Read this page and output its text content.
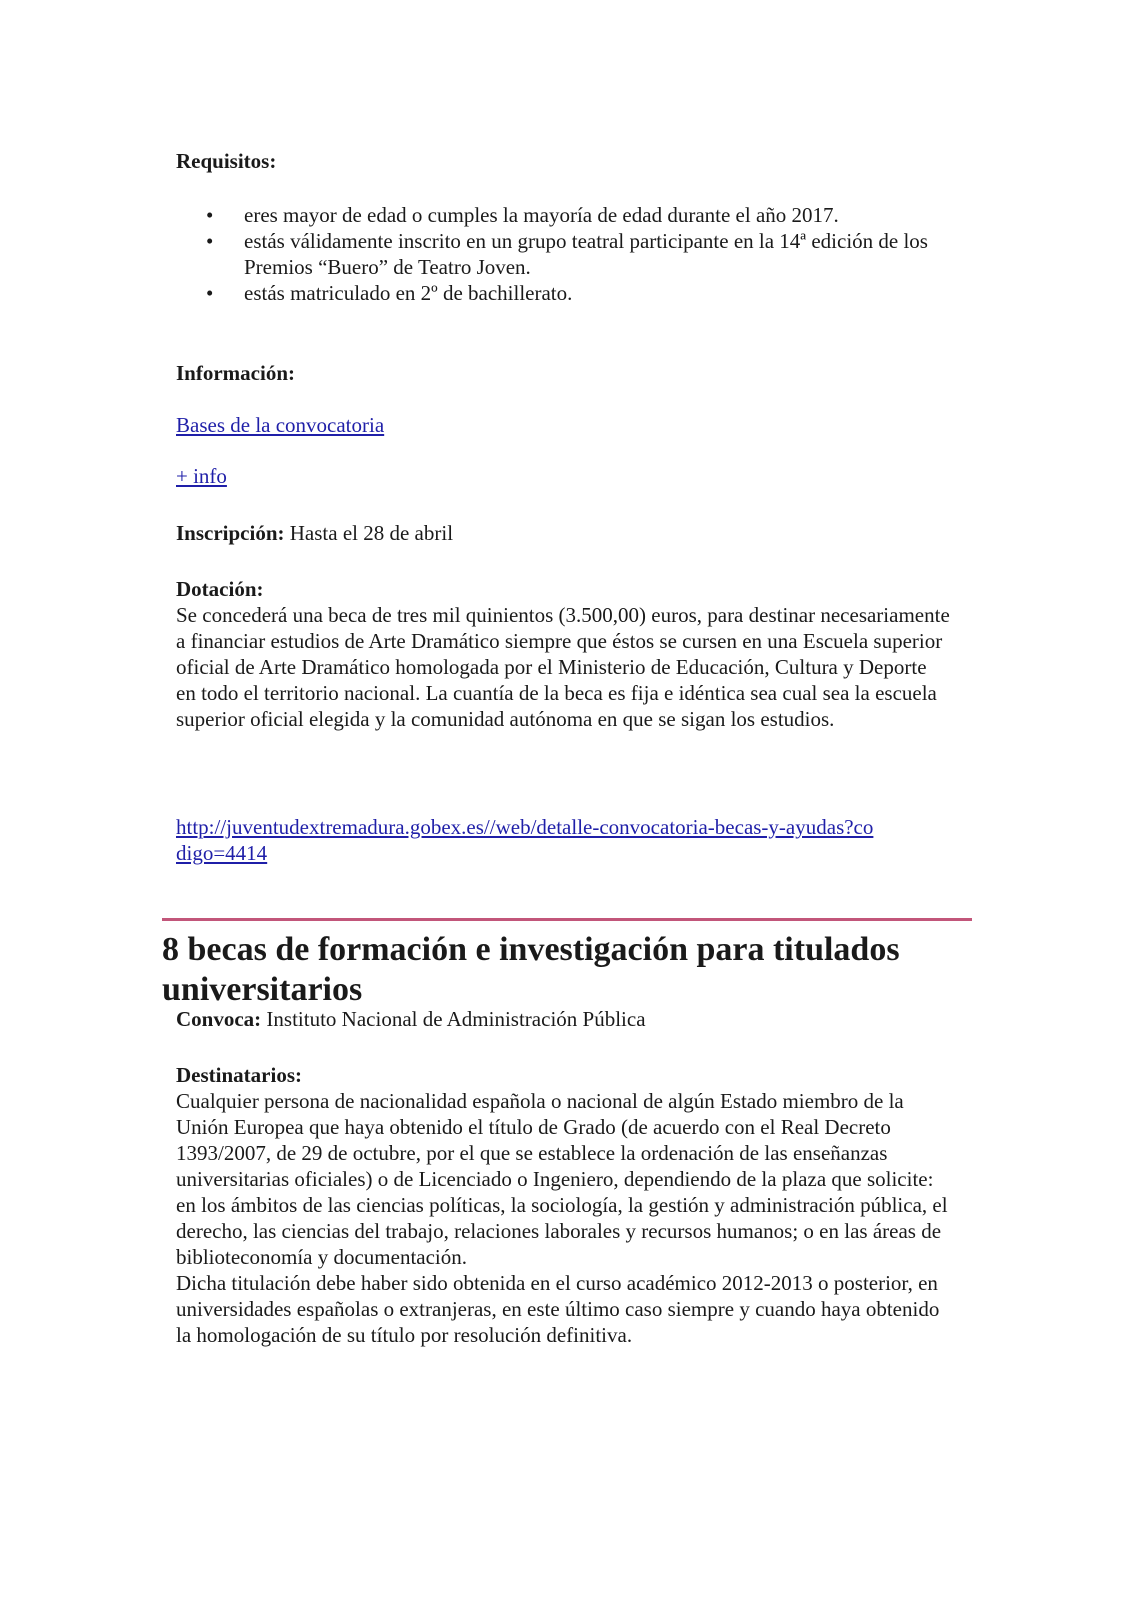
Requisitos:

• eres mayor de edad o cumples la mayoría de edad durante el año 2017.
• estás válidamente inscrito en un grupo teatral participante en la 14ª edición de los Premios “Buero” de Teatro Joven.
• estás matriculado en 2º de bachillerato.

Información:

Bases de la convocatoria
+ info
Inscripción: Hasta el 28 de abril

Dotación:

Se concederá una beca de tres mil quinientos (3.500,00) euros, para destinar necesariamente a financiar estudios de Arte Dramático siempre que éstos se cursen en una Escuela superior oficial de Arte Dramático homologada por el Ministerio de Educación, Cultura y Deporte en todo el territorio nacional. La cuantía de la beca es fija e idéntica sea cual sea la escuela superior oficial elegida y la comunidad autónoma en que se sigan los estudios.

http://juventudextremadura.gobex.es//web/detalle-convocatoria-becas-y-ayudas?codigo=4414
8 becas de formación e investigación para titulados universitarios
Convoca: Instituto Nacional de Administración Pública

Destinatarios:

Cualquier persona de nacionalidad española o nacional de algún Estado miembro de la Unión Europea que haya obtenido el título de Grado (de acuerdo con el Real Decreto 1393/2007, de 29 de octubre, por el que se establece la ordenación de las enseñanzas universitarias oficiales) o de Licenciado o Ingeniero, dependiendo de la plaza que solicite: en los ámbitos de las ciencias políticas, la sociología, la gestión y administración pública, el derecho, las ciencias del trabajo, relaciones laborales y recursos humanos; o en las áreas de biblioteconomía y documentación.

Dicha titulación debe haber sido obtenida en el curso académico 2012-2013 o posterior, en universidades españolas o extranjeras, en este último caso siempre y cuando haya obtenido la homologación de su título por resolución definitiva.
